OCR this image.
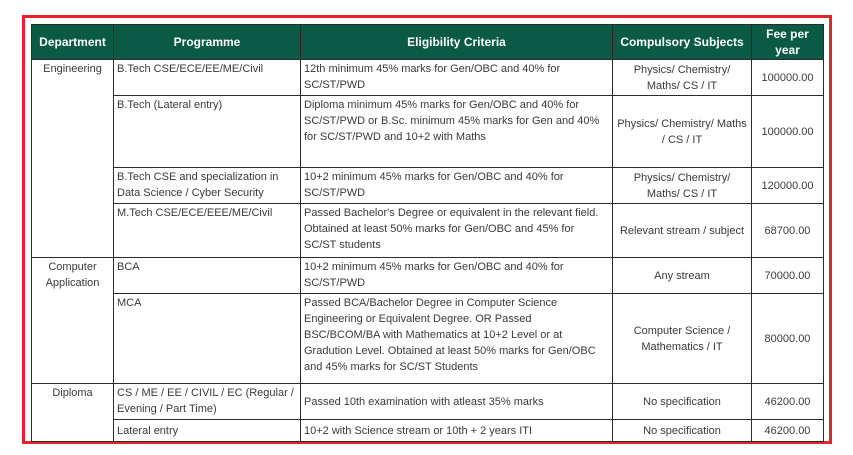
Department	Programme	Eligibility Criteria	Compulsory Subjects	Fee per year
Engineering	B.Tech CSE/ECE/EE/ME/Civil	12th minimum 45% marks for Gen/OBC and 40% for SC/ST/PWD	Physics/ Chemistry/ Maths/ CS / IT	100000.00
	B.Tech (Lateral entry)	Diploma minimum 45% marks for Gen/OBC and 40% for SC/ST/PWD or B.Sc. minimum 45% marks for Gen and 40% for SC/ST/PWD and 10+2 with Maths	Physics/ Chemistry/ Maths / CS / IT	100000.00
	B.Tech CSE and specialization in Data Science / Cyber Security	10+2 minimum 45% marks for Gen/OBC and 40% for SC/ST/PWD	Physics/ Chemistry/ Maths/ CS / IT	120000.00
	M.Tech CSE/ECE/EEE/ME/Civil	Passed Bachelor's Degree or equivalent in the relevant field. Obtained at least 50% marks for Gen/OBC and 45% for SC/ST students	Relevant stream / subject	68700.00
Computer Application	BCA	10+2 minimum 45% marks for Gen/OBC and 40% for SC/ST/PWD	Any stream	70000.00
	MCA	Passed BCA/Bachelor Degree in Computer Science Engineering or Equivalent Degree. OR Passed BSC/BCOM/BA with Mathematics at 10+2 Level or at Gradution Level. Obtained at least 50% marks for Gen/OBC and 45% marks for SC/ST Students	Computer Science / Mathematics / IT	80000.00
Diploma	CS / ME / EE / CIVIL / EC (Regular / Evening / Part Time)	Passed 10th examination with atleast 35% marks	No specification	46200.00
	Lateral entry	10+2 with Science stream or 10th + 2 years ITI	No specification	46200.00
